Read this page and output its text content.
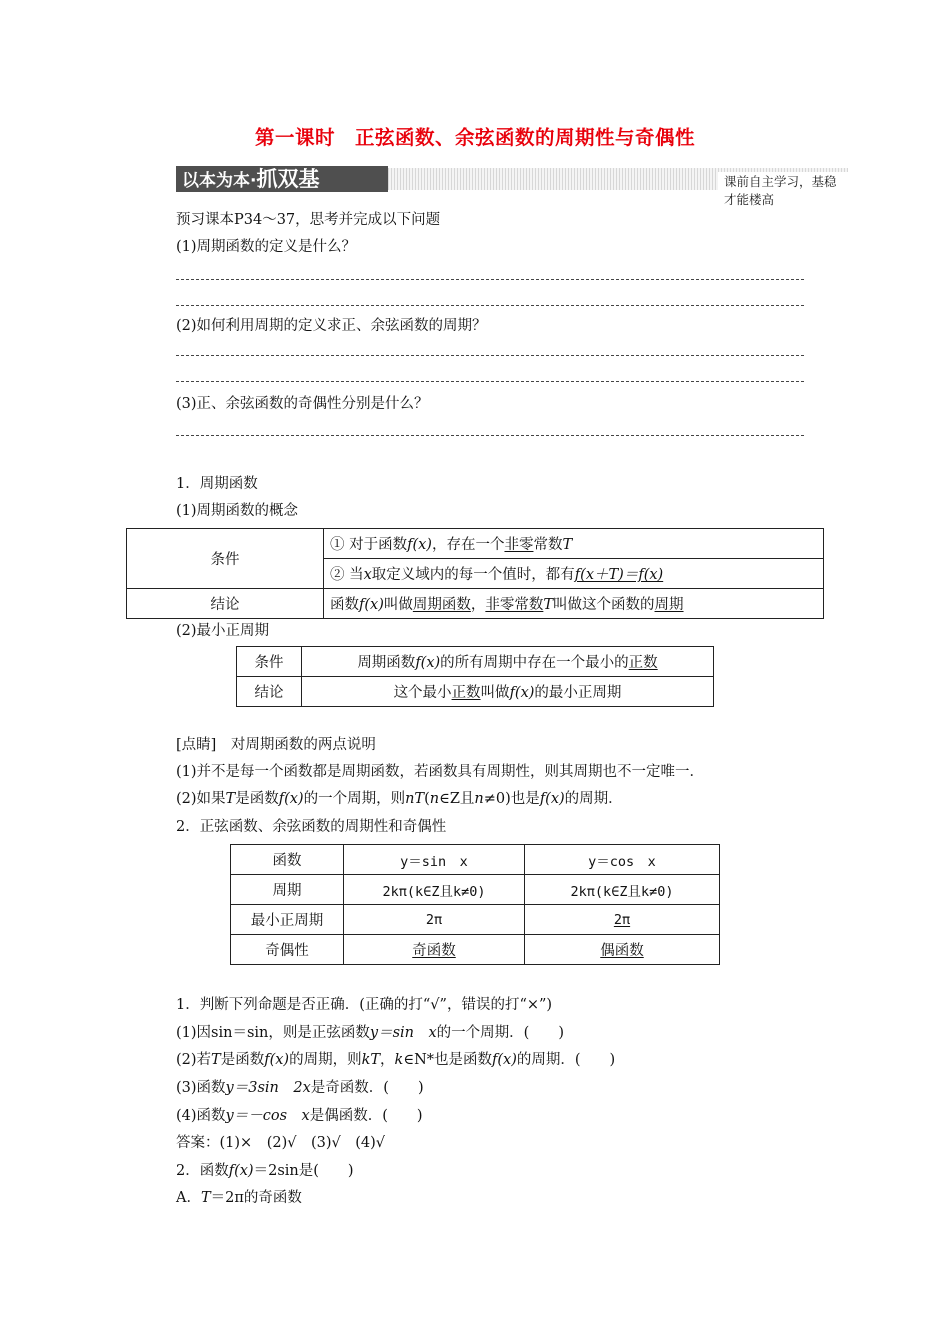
第一课时　正弦函数、余弦函数的周期性与奇偶性
以本为本·抓双基	课前自主学习，基稳才能楼高
预习课本P34～37，思考并完成以下问题
(1)周期函数的定义是什么？
(2)如何利用周期的定义求正、余弦函数的周期？
(3)正、余弦函数的奇偶性分别是什么？
1．周期函数
(1)周期函数的概念
条件	① 对于函数f(x)，存在一个非零常数T
	② 当x取定义域内的每一个值时，都有f(x＋T)＝f(x)
结论	函数f(x)叫做周期函数，非零常数T叫做这个函数的周期
(2)最小正周期
条件	周期函数f(x)的所有周期中存在一个最小的正数
结论	这个最小正数叫做f(x)的最小正周期
[点睛]　对周期函数的两点说明
(1)并不是每一个函数都是周期函数，若函数具有周期性，则其周期也不一定唯一．
(2)如果T是函数f(x)的一个周期，则nT(n∈Z且n≠0)也是f(x)的周期．
2．正弦函数、余弦函数的周期性和奇偶性
函数	y＝sin　x	y＝cos　x
周期	2kπ(k∈Z且k≠0)	2kπ(k∈Z且k≠0)
最小正周期	2π	2π
奇偶性	奇函数	偶函数
1．判断下列命题是否正确．(正确的打“√”，错误的打“×”)
(1)因sin＝sin，则是正弦函数y＝sin　x的一个周期．(　　)
(2)若T是函数f(x)的周期，则kT，k∈N*也是函数f(x)的周期．(　　)
(3)函数y＝3sin　2x是奇函数．(　　)
(4)函数y＝－cos　x是偶函数．(　　)
答案：(1)×　(2)√　(3)√　(4)√
2．函数f(x)＝2sin是(　　)
A．T＝2π的奇函数
